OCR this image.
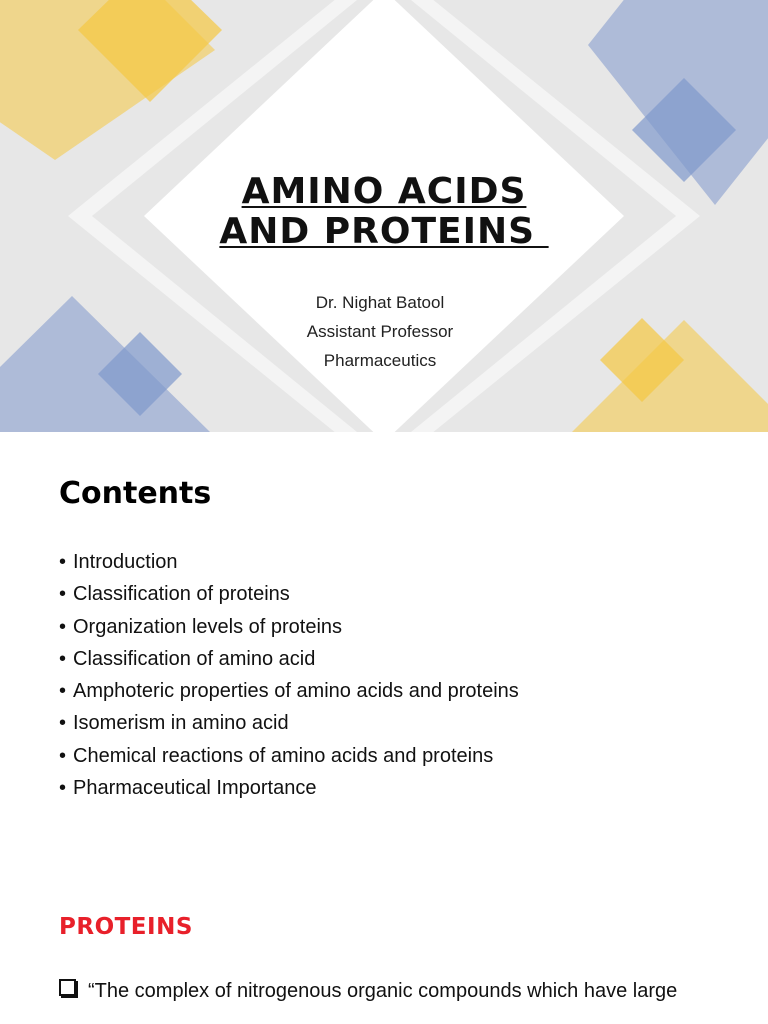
AMINO ACIDS
AND PROTEINS
Dr. Nighat Batool
Assistant Professor
Pharmaceutics
Contents
• Introduction
• Classification of proteins
• Organization levels of proteins
• Classification of amino acid
• Amphoteric properties of amino acids and proteins
• Isomerism in amino acid
• Chemical reactions of amino acids and proteins
• Pharmaceutical Importance
PROTEINS
“The complex of nitrogenous organic compounds which have large
